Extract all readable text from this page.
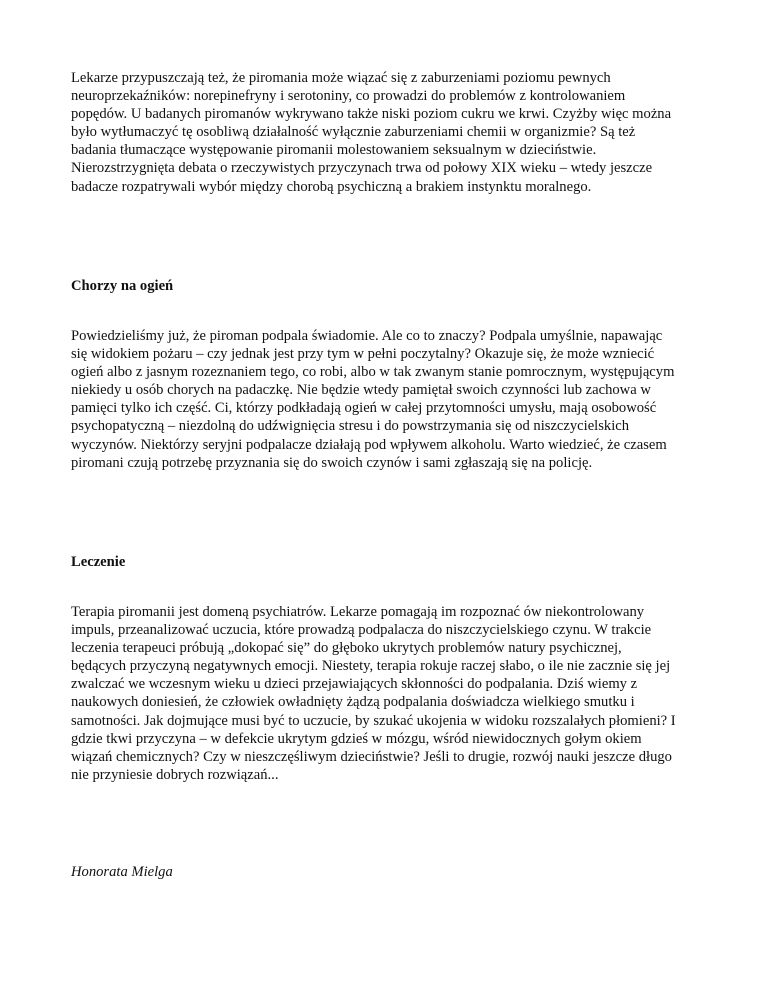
Lekarze przypuszczają też, że piromania może wiązać się z zaburzeniami poziomu pewnych
neuroprzekaźników: norepinefryny i serotoniny, co prowadzi do problemów z kontrolowaniem
popędów. U badanych piromanów wykrywano także niski poziom cukru we krwi. Czyżby więc można
było wytłumaczyć tę osobliwą działalność wyłącznie zaburzeniami chemii w organizmie? Są też
badania tłumaczące występowanie piromanii molestowaniem seksualnym w dzieciństwie.
Nierozstrzygnięta debata o rzeczywistych przyczynach trwa od połowy XIX wieku – wtedy jeszcze
badacze rozpatrywali wybór między chorobą psychiczną a brakiem instynktu moralnego.

Chorzy na ogień

Powiedzieliśmy już, że piroman podpala świadomie. Ale co to znaczy? Podpala umyślnie, napawając
się widokiem pożaru – czy jednak jest przy tym w pełni poczytalny? Okazuje się, że może wzniecić
ogień albo z jasnym rozeznaniem tego, co robi, albo w tak zwanym stanie pomrocznym, występującym
niekiedy u osób chorych na padaczkę. Nie będzie wtedy pamiętał swoich czynności lub zachowa w
pamięci tylko ich część. Ci, którzy podkładają ogień w całej przytomności umysłu, mają osobowość
psychopatyczną – niezdolną do udźwignięcia stresu i do powstrzymania się od niszczycielskich
wyczynów. Niektórzy seryjni podpalacze działają pod wpływem alkoholu. Warto wiedzieć, że czasem
piromani czują potrzebę przyznania się do swoich czynów i sami zgłaszają się na policję.

Leczenie

Terapia piromanii jest domeną psychiatrów. Lekarze pomagają im rozpoznać ów niekontrolowany
impuls, przeanalizować uczucia, które prowadzą podpalacza do niszczycielskiego czynu. W trakcie
leczenia terapeuci próbują „dokopać się” do głęboko ukrytych problemów natury psychicznej,
będących przyczyną negatywnych emocji. Niestety, terapia rokuje raczej słabo, o ile nie zacznie się jej
zwalczać we wczesnym wieku u dzieci przejawiających skłonności do podpalania. Dziś wiemy z
naukowych doniesień, że człowiek owładnięty żądzą podpalania doświadcza wielkiego smutku i
samotności. Jak dojmujące musi być to uczucie, by szukać ukojenia w widoku rozszalałych płomieni? I
gdzie tkwi przyczyna – w defekcie ukrytym gdzieś w mózgu, wśród niewidocznych gołym okiem
wiązań chemicznych? Czy w nieszczęśliwym dzieciństwie? Jeśli to drugie, rozwój nauki jeszcze długo
nie przyniesie dobrych rozwiązań...

Honorata Mielga
